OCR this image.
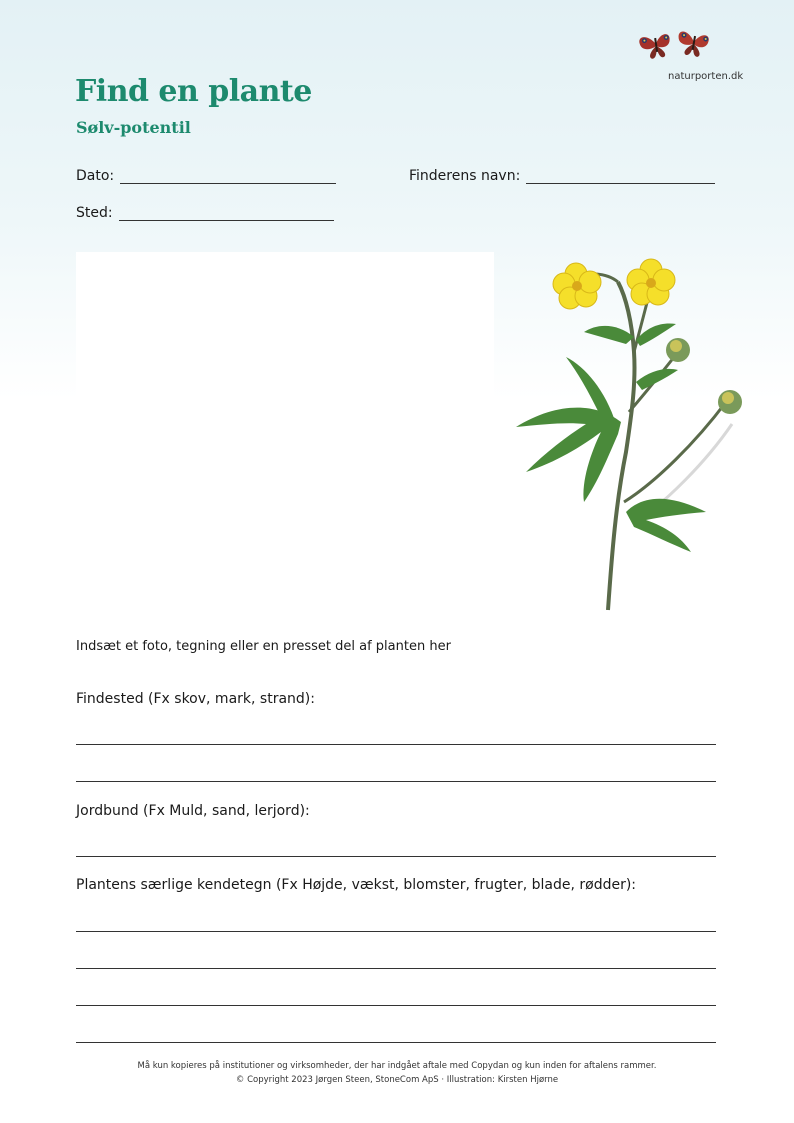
naturporten.dk
Find en plante
Sølv-potentil
Dato:	Finderens navn:
Sted:
Indsæt et foto, tegning eller en presset del af planten her
Findested (Fx skov, mark, strand):
Jordbund (Fx Muld, sand, lerjord):
Plantens særlige kendetegn (Fx Højde, vækst, blomster, frugter, blade, rødder):
Må kun kopieres på institutioner og virksomheder, der har indgået aftale med Copydan og kun inden for aftalens rammer.
© Copyright 2023 Jørgen Steen, StoneCom ApS · Illustration: Kirsten Hjørne
